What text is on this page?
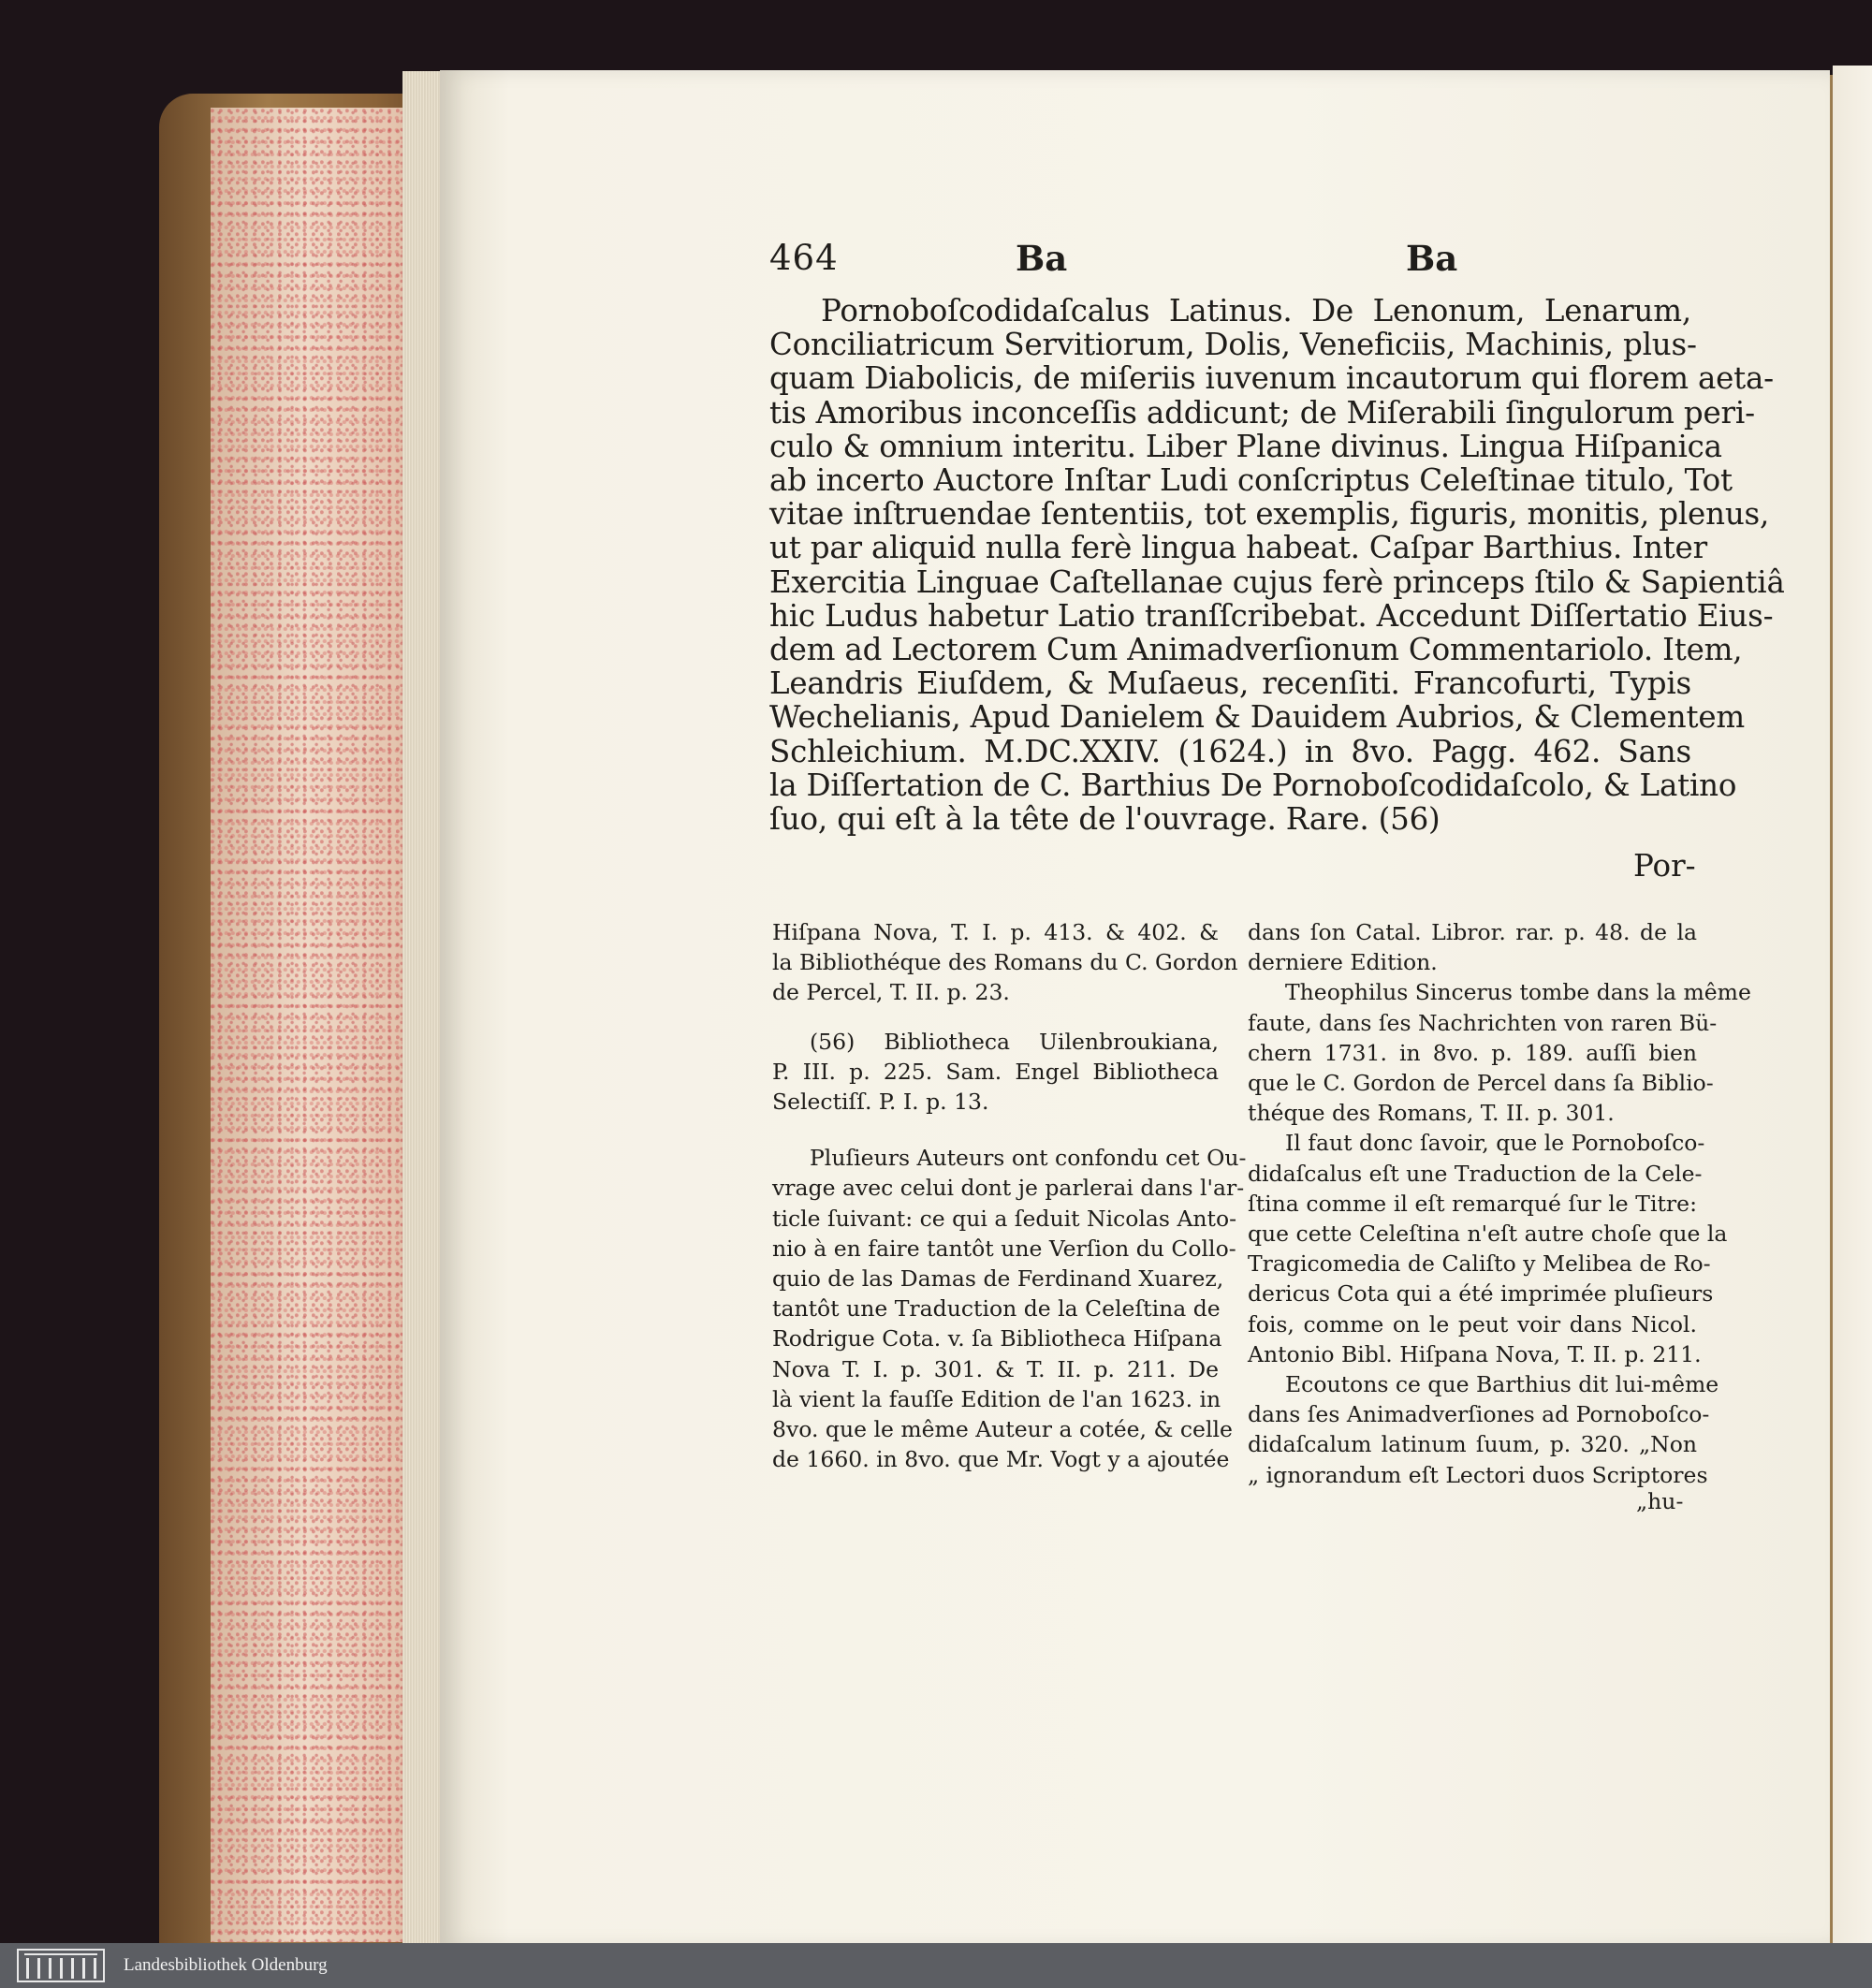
464	Ba	Ba
Pornoboſcodidaſcalus Latinus. De Lenonum, Lenarum,
Conciliatricum Servitiorum, Dolis, Veneficiis, Machinis, plus-
quam Diabolicis, de miſeriis iuvenum incautorum qui florem aeta-
tis Amoribus inconceſſis addicunt; de Miſerabili ſingulorum peri-
culo & omnium interitu. Liber Plane divinus. Lingua Hiſpanica
ab incerto Auctore Inſtar Ludi conſcriptus Celeſtinae titulo, Tot
vitae inſtruendae ſententiis, tot exemplis, figuris, monitis, plenus,
ut par aliquid nulla ferè lingua habeat. Caſpar Barthius. Inter
Exercitia Linguae Caſtellanae cujus ferè princeps ſtilo & Sapientiâ
hic Ludus habetur Latio tranſſcribebat. Accedunt Diſſertatio Eius-
dem ad Lectorem Cum Animadverſionum Commentariolo. Item,
Leandris Eiuſdem, & Muſaeus, recenſiti. Francofurti, Typis
Wechelianis, Apud Danielem & Dauidem Aubrios, & Clementem
Schleichium. M.DC.XXIV. (1624.) in 8vo. Pagg. 462. Sans
la Diſſertation de C. Barthius De Pornoboſcodidaſcolo, & Latino
ſuo, qui eſt à la tête de l'ouvrage. Rare. (56)
Por-
Hiſpana Nova, T. I. p. 413. & 402. &
la Bibliothéque des Romans du C. Gordon
de Percel, T. II. p. 23.
(56) Bibliotheca Uilenbroukiana,
P. III. p. 225. Sam. Engel Bibliotheca
Selectiſſ. P. I. p. 13.
Pluſieurs Auteurs ont confondu cet Ou-
vrage avec celui dont je parlerai dans l'ar-
ticle ſuivant: ce qui a ſeduit Nicolas Anto-
nio à en faire tantôt une Verſion du Collo-
quio de las Damas de Ferdinand Xuarez,
tantôt une Traduction de la Celeſtina de
Rodrigue Cota. v. ſa Bibliotheca Hiſpana
Nova T. I. p. 301. & T. II. p. 211. De
là vient la fauſſe Edition de l'an 1623. in
8vo. que le même Auteur a cotée, & celle
de 1660. in 8vo. que Mr. Vogt y a ajoutée
dans ſon Catal. Libror. rar. p. 48. de la
derniere Edition.
Theophilus Sincerus tombe dans la même
faute, dans ſes Nachrichten von raren Bü-
chern 1731. in 8vo. p. 189. auſſi bien
que le C. Gordon de Percel dans ſa Biblio-
théque des Romans, T. II. p. 301.
Il faut donc ſavoir, que le Pornoboſco-
didaſcalus eſt une Traduction de la Cele-
ſtina comme il eſt remarqué ſur le Titre:
que cette Celeſtina n'eſt autre choſe que la
Tragicomedia de Caliſto y Melibea de Ro-
dericus Cota qui a été imprimée pluſieurs
fois, comme on le peut voir dans Nicol.
Antonio Bibl. Hiſpana Nova, T. II. p. 211.
Ecoutons ce que Barthius dit lui-même
dans ſes Animadverſiones ad Pornoboſco-
didaſcalum latinum ſuum, p. 320. „Non
„ ignorandum eſt Lectori duos Scriptores
„hu-
Landesbibliothek Oldenburg
